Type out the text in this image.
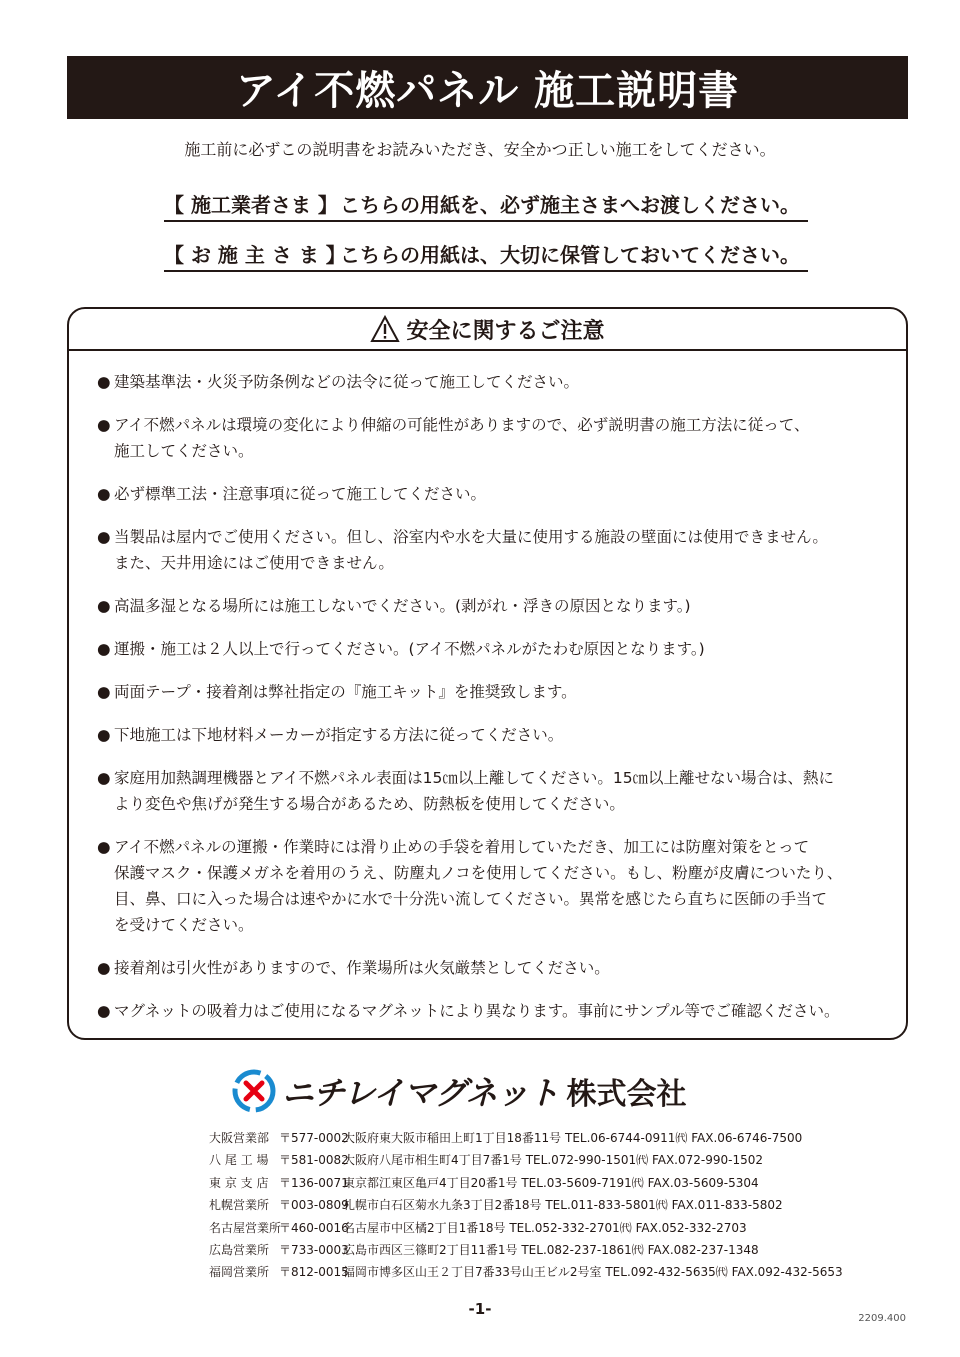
アイ不燃パネル 施工説明書
施工前に必ずこの説明書をお読みいただき、安全かつ正しい施工をしてください。
【 施工業者さま 】 こちらの用紙を、必ず施主さまへお渡しください。
【 お 施 主 さ ま 】
こちらの用紙は、大切に保管しておいてください。
安全に関するご注意
● 建築基準法・火災予防条例などの法令に従って施工してください。
● アイ不燃パネルは環境の変化により伸縮の可能性がありますので、必ず説明書の施工方法に従って、
施工してください。
● 必ず標準工法・注意事項に従って施工してください。
● 当製品は屋内でご使用ください。但し、浴室内や水を大量に使用する施設の壁面には使用できません。
また、天井用途にはご使用できません。
● 高温多湿となる場所には施工しないでください。(剥がれ・浮きの原因となります。)
● 運搬・施工は２人以上で行ってください。(アイ不燃パネルがたわむ原因となります。)
● 両面テープ・接着剤は弊社指定の『施工キット』を推奨致します。
● 下地施工は下地材料メーカーが指定する方法に従ってください。
● 家庭用加熱調理機器とアイ不燃パネル表面は15㎝以上離してください。15㎝以上離せない場合は、熱に
より変色や焦げが発生する場合があるため、防熱板を使用してください。
● アイ不燃パネルの運搬・作業時には滑り止めの手袋を着用していただき、加工には防塵対策をとって
保護マスク・保護メガネを着用のうえ、防塵丸ノコを使用してください。もし、粉塵が皮膚についたり、
目、鼻、口に入った場合は速やかに水で十分洗い流してください。異常を感じたら直ちに医師の手当て
を受けてください。
● 接着剤は引火性がありますので、作業場所は火気厳禁としてください。
● マグネットの吸着力はご使用になるマグネットにより異なります。事前にサンプル等でご確認ください。
ニチレイマグネット 株式会社
大阪営業部 〒577-0002大阪府東大阪市稲田上町1丁目18番11号 TEL.06-6744-0911㈹ FAX.06-6746-7500
八 尾 工 場 〒581-0082大阪府八尾市相生町4丁目7番1号 TEL.072-990-1501㈹ FAX.072-990-1502
東 京 支 店 〒136-0071東京都江東区亀戸4丁目20番1号 TEL.03-5609-7191㈹ FAX.03-5609-5304
札幌営業所 〒003-0809札幌市白石区菊水九条3丁目2番18号 TEL.011-833-5801㈹ FAX.011-833-5802
名古屋営業所〒460-0016名古屋市中区橘2丁目1番18号 TEL.052-332-2701㈹ FAX.052-332-2703
広島営業所 〒733-0003広島市西区三篠町2丁目11番1号 TEL.082-237-1861㈹ FAX.082-237-1348
福岡営業所 〒812-0015福岡市博多区山王２丁目7番33号山王ビル2号室 TEL.092-432-5635㈹ FAX.092-432-5653
-1-
2209.400
